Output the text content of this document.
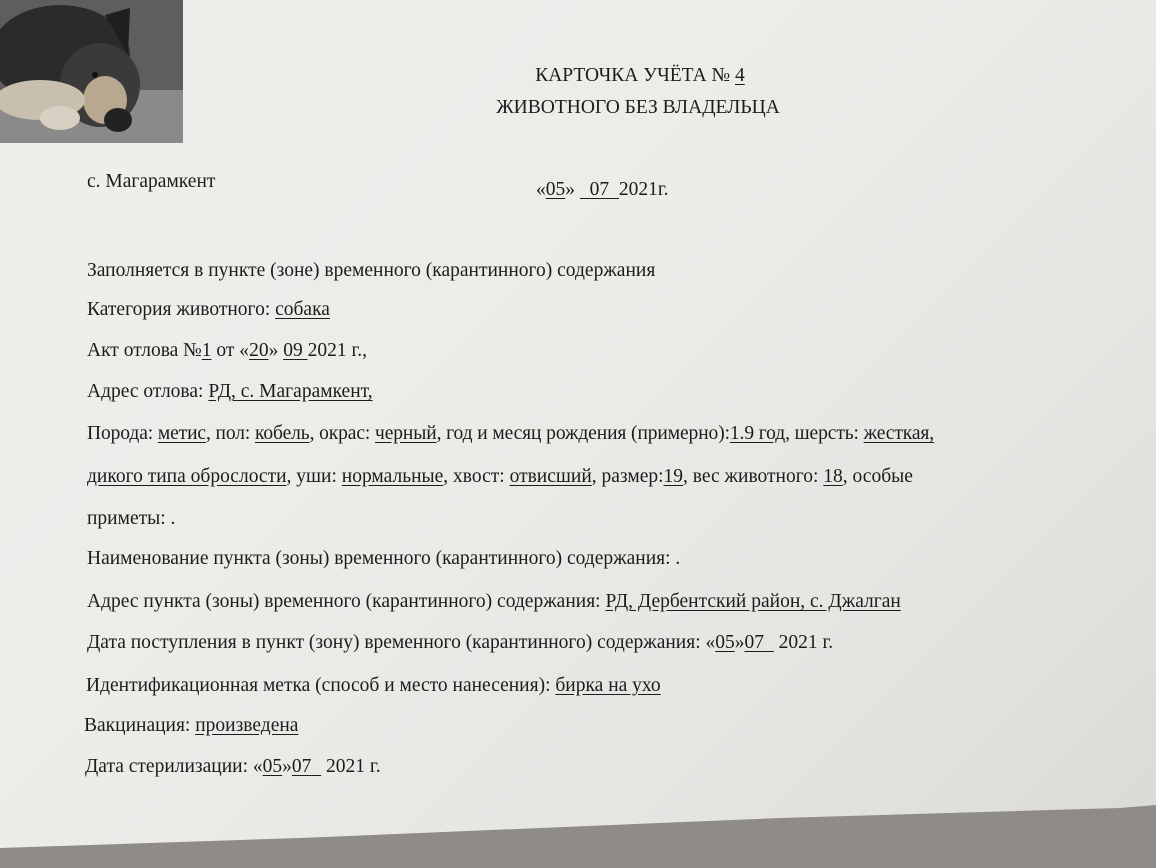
КАРТОЧКА УЧЁТА № 4
ЖИВОТНОГО БЕЗ ВЛАДЕЛЬЦА
с. Магарамкент	«05» 07 2021г.
Заполняется в пункте (зоне) временного (карантинного) содержания
Категория животного: собака
Акт отлова №1 от «20» 09 2021 г.,
Адрес отлова: РД, с. Магарамкент,
Порода: метис, пол: кобель, окрас: черный, год и месяц рождения (примерно):1.9 год, шерсть: жесткая,
дикого типа оброслости, уши: нормальные, хвост: отвисший, размер:19, вес животного: 18, особые
приметы: .
Наименование пункта (зоны) временного (карантинного) содержания: .
Адрес пункта (зоны) временного (карантинного) содержания: РД, Дербентский район, с. Джалган
Дата поступления в пункт (зону) временного (карантинного) содержания: «05»07 2021 г.
Идентификационная метка (способ и место нанесения): бирка на ухо
Вакцинация: произведена
Дата стерилизации: «05»07 2021 г.
